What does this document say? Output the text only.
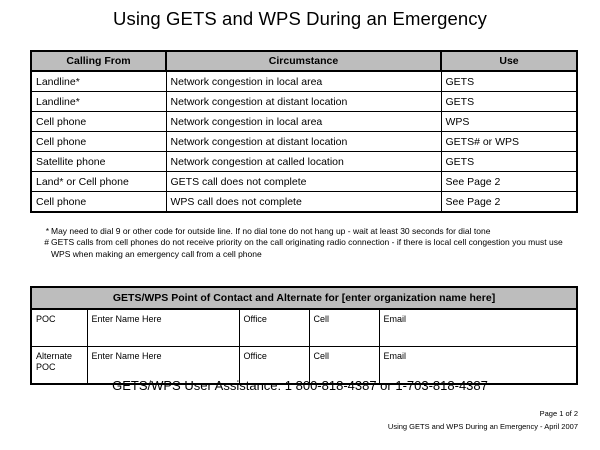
Using GETS and WPS During an Emergency
Calling From	Circumstance	Use
Landline*	Network congestion in local area	GETS
Landline*	Network congestion at distant location	GETS
Cell phone	Network congestion in local area	WPS
Cell phone	Network congestion at distant location	GETS# or WPS
Satellite phone	Network congestion at called location	GETS
Land* or Cell phone	GETS call does not complete	See Page 2
Cell phone	WPS call does not complete	See Page 2
* May need to dial 9 or other code for outside line. If no dial tone do not hang up - wait at least 30 seconds for dial tone
# GETS calls from cell phones do not receive priority on the call originating radio connection - if there is local cell congestion you must use WPS when making an emergency call from a cell phone
GETS/WPS Point of Contact and Alternate for [enter organization name here]				
POC	Enter Name Here	Office	Cell	Email
Alternate POC	Enter Name Here	Office	Cell	Email
GETS/WPS User Assistance: 1 800-818-4387 or 1-703-818-4387
Page 1 of 2
Using GETS and WPS During an Emergency - April 2007
